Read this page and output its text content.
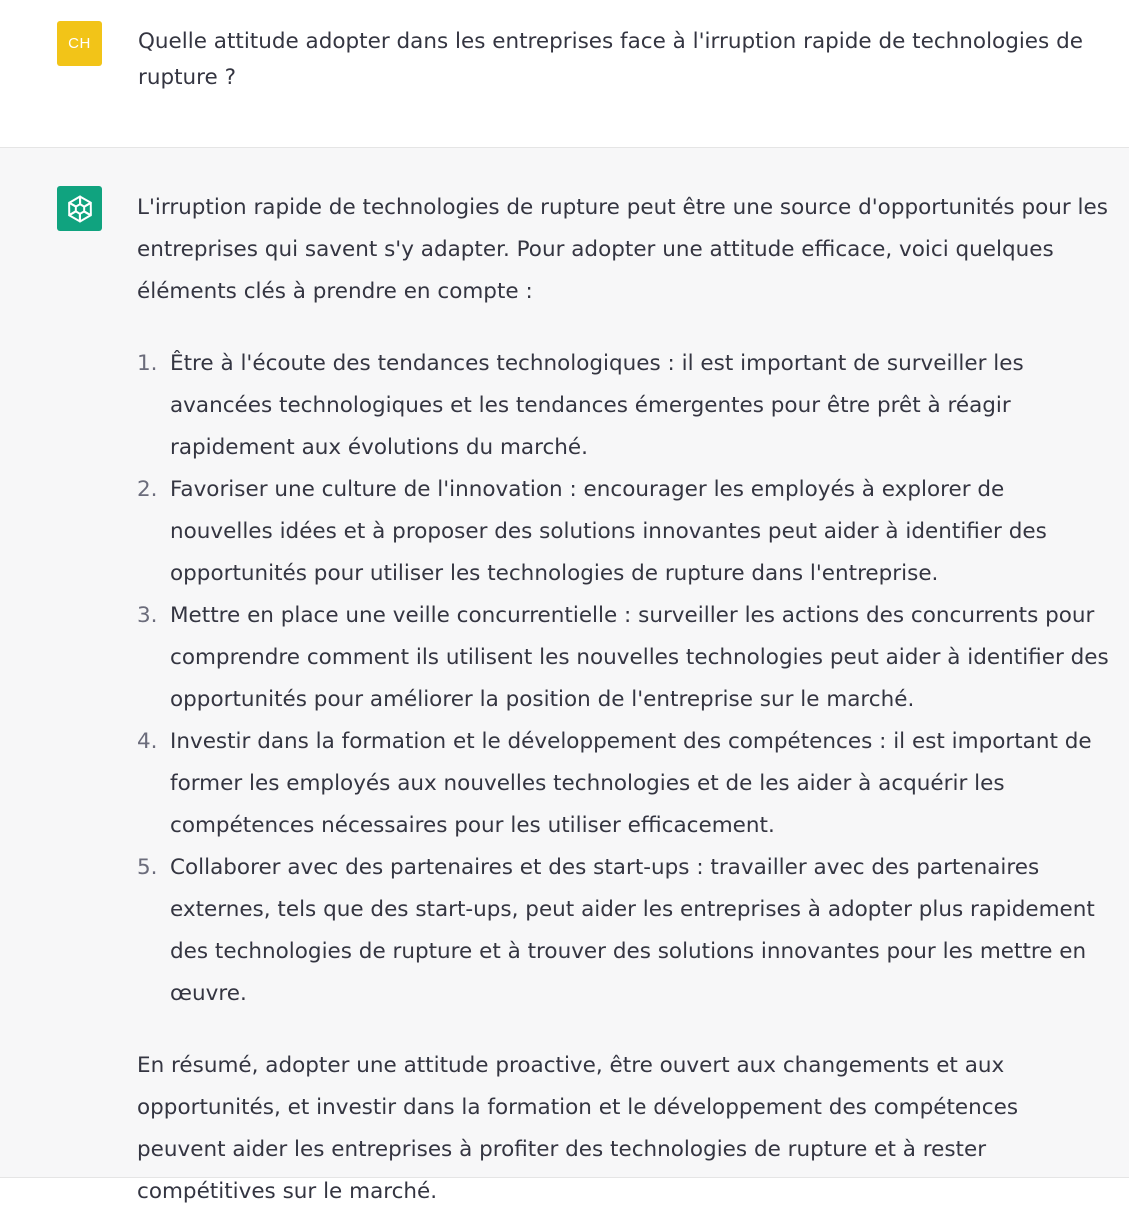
CH	Quelle attitude adopter dans les entreprises face à l'irruption rapide de technologies de rupture ?

L'irruption rapide de technologies de rupture peut être une source d'opportunités pour les entreprises qui savent s'y adapter. Pour adopter une attitude efficace, voici quelques éléments clés à prendre en compte :

1. Être à l'écoute des tendances technologiques : il est important de surveiller les avancées technologiques et les tendances émergentes pour être prêt à réagir rapidement aux évolutions du marché.
2. Favoriser une culture de l'innovation : encourager les employés à explorer de nouvelles idées et à proposer des solutions innovantes peut aider à identifier des opportunités pour utiliser les technologies de rupture dans l'entreprise.
3. Mettre en place une veille concurrentielle : surveiller les actions des concurrents pour comprendre comment ils utilisent les nouvelles technologies peut aider à identifier des opportunités pour améliorer la position de l'entreprise sur le marché.
4. Investir dans la formation et le développement des compétences : il est important de former les employés aux nouvelles technologies et de les aider à acquérir les compétences nécessaires pour les utiliser efficacement.
5. Collaborer avec des partenaires et des start-ups : travailler avec des partenaires externes, tels que des start-ups, peut aider les entreprises à adopter plus rapidement des technologies de rupture et à trouver des solutions innovantes pour les mettre en œuvre.

En résumé, adopter une attitude proactive, être ouvert aux changements et aux opportunités, et investir dans la formation et le développement des compétences peuvent aider les entreprises à profiter des technologies de rupture et à rester compétitives sur le marché.
